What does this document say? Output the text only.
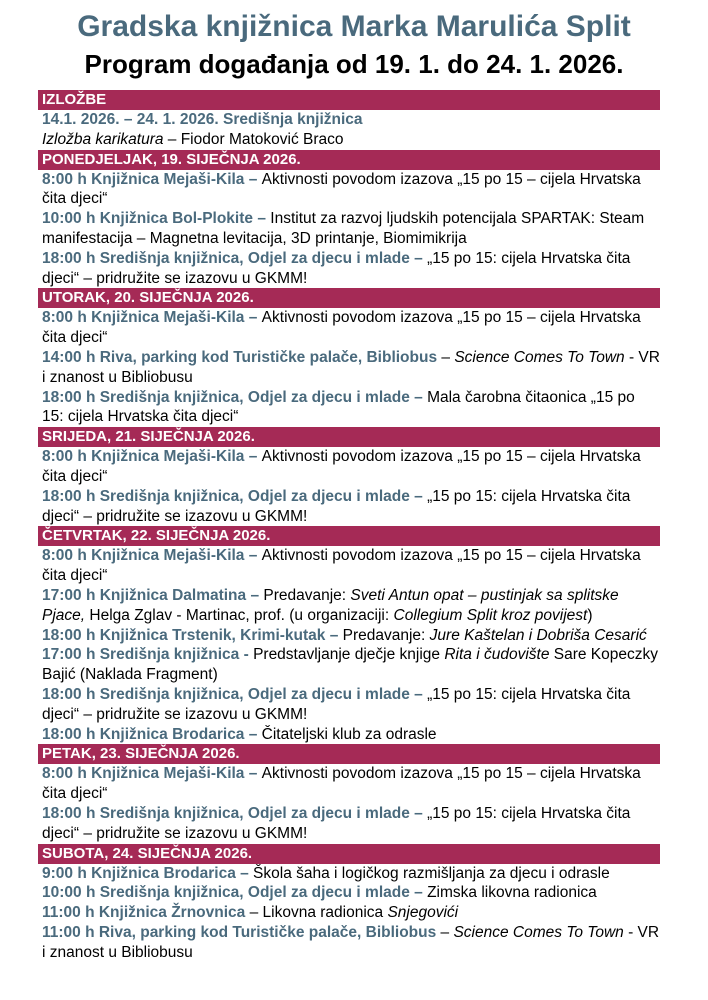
Gradska knjižnica Marka Marulića Split
Program događanja od 19. 1. do 24. 1. 2026.
IZLOŽBE
14.1. 2026. – 24. 1. 2026. Središnja knjižnica
Izložba karikatura – Fiodor Matoković Braco
PONEDJELJAK, 19. SIJEČNJA 2026.
8:00 h Knjižnica Mejaši-Kila – Aktivnosti povodom izazova „15 po 15 – cijela Hrvatska čita djeci“
10:00 h Knjižnica Bol-Plokite – Institut za razvoj ljudskih potencijala SPARTAK: Steam manifestacija – Magnetna levitacija, 3D printanje, Biomimikrija
18:00 h Središnja knjižnica, Odjel za djecu i mlade – „15 po 15: cijela Hrvatska čita djeci“ – pridružite se izazovu u GKMM!
UTORAK, 20. SIJEČNJA 2026.
8:00 h Knjižnica Mejaši-Kila – Aktivnosti povodom izazova „15 po 15 – cijela Hrvatska čita djeci“
14:00 h Riva, parking kod Turističke palače, Bibliobus – Science Comes To Town - VR i znanost u Bibliobusu
18:00 h Središnja knjižnica, Odjel za djecu i mlade – Mala čarobna čitaonica „15 po 15: cijela Hrvatska čita djeci“
SRIJEDA, 21. SIJEČNJA 2026.
8:00 h Knjižnica Mejaši-Kila – Aktivnosti povodom izazova „15 po 15 – cijela Hrvatska čita djeci“
18:00 h Središnja knjižnica, Odjel za djecu i mlade – „15 po 15: cijela Hrvatska čita djeci“ – pridružite se izazovu u GKMM!
ČETVRTAK, 22. SIJEČNJA 2026.
8:00 h Knjižnica Mejaši-Kila – Aktivnosti povodom izazova „15 po 15 – cijela Hrvatska čita djeci“
17:00 h Knjižnica Dalmatina – Predavanje: Sveti Antun opat – pustinjak sa splitske Pjace, Helga Zglav - Martinac, prof. (u organizaciji: Collegium Split kroz povijest)
18:00 h Knjižnica Trstenik, Krimi-kutak – Predavanje: Jure Kaštelan i Dobriša Cesarić
17:00 h Središnja knjižnica - Predstavljanje dječje knjige Rita i čudovište Sare Kopeczky Bajić (Naklada Fragment)
18:00 h Središnja knjižnica, Odjel za djecu i mlade – „15 po 15: cijela Hrvatska čita djeci“ – pridružite se izazovu u GKMM!
18:00 h Knjižnica Brodarica – Čitateljski klub za odrasle
PETAK, 23. SIJEČNJA 2026.
8:00 h Knjižnica Mejaši-Kila – Aktivnosti povodom izazova „15 po 15 – cijela Hrvatska čita djeci“
18:00 h Središnja knjižnica, Odjel za djecu i mlade – „15 po 15: cijela Hrvatska čita djeci“ – pridružite se izazovu u GKMM!
SUBOTA, 24. SIJEČNJA 2026.
9:00 h Knjižnica Brodarica – Škola šaha i logičkog razmišljanja za djecu i odrasle
10:00 h Središnja knjižnica, Odjel za djecu i mlade – Zimska likovna radionica
11:00 h Knjižnica Žrnovnica – Likovna radionica Snjegovići
11:00 h Riva, parking kod Turističke palače, Bibliobus – Science Comes To Town - VR i znanost u Bibliobusu
